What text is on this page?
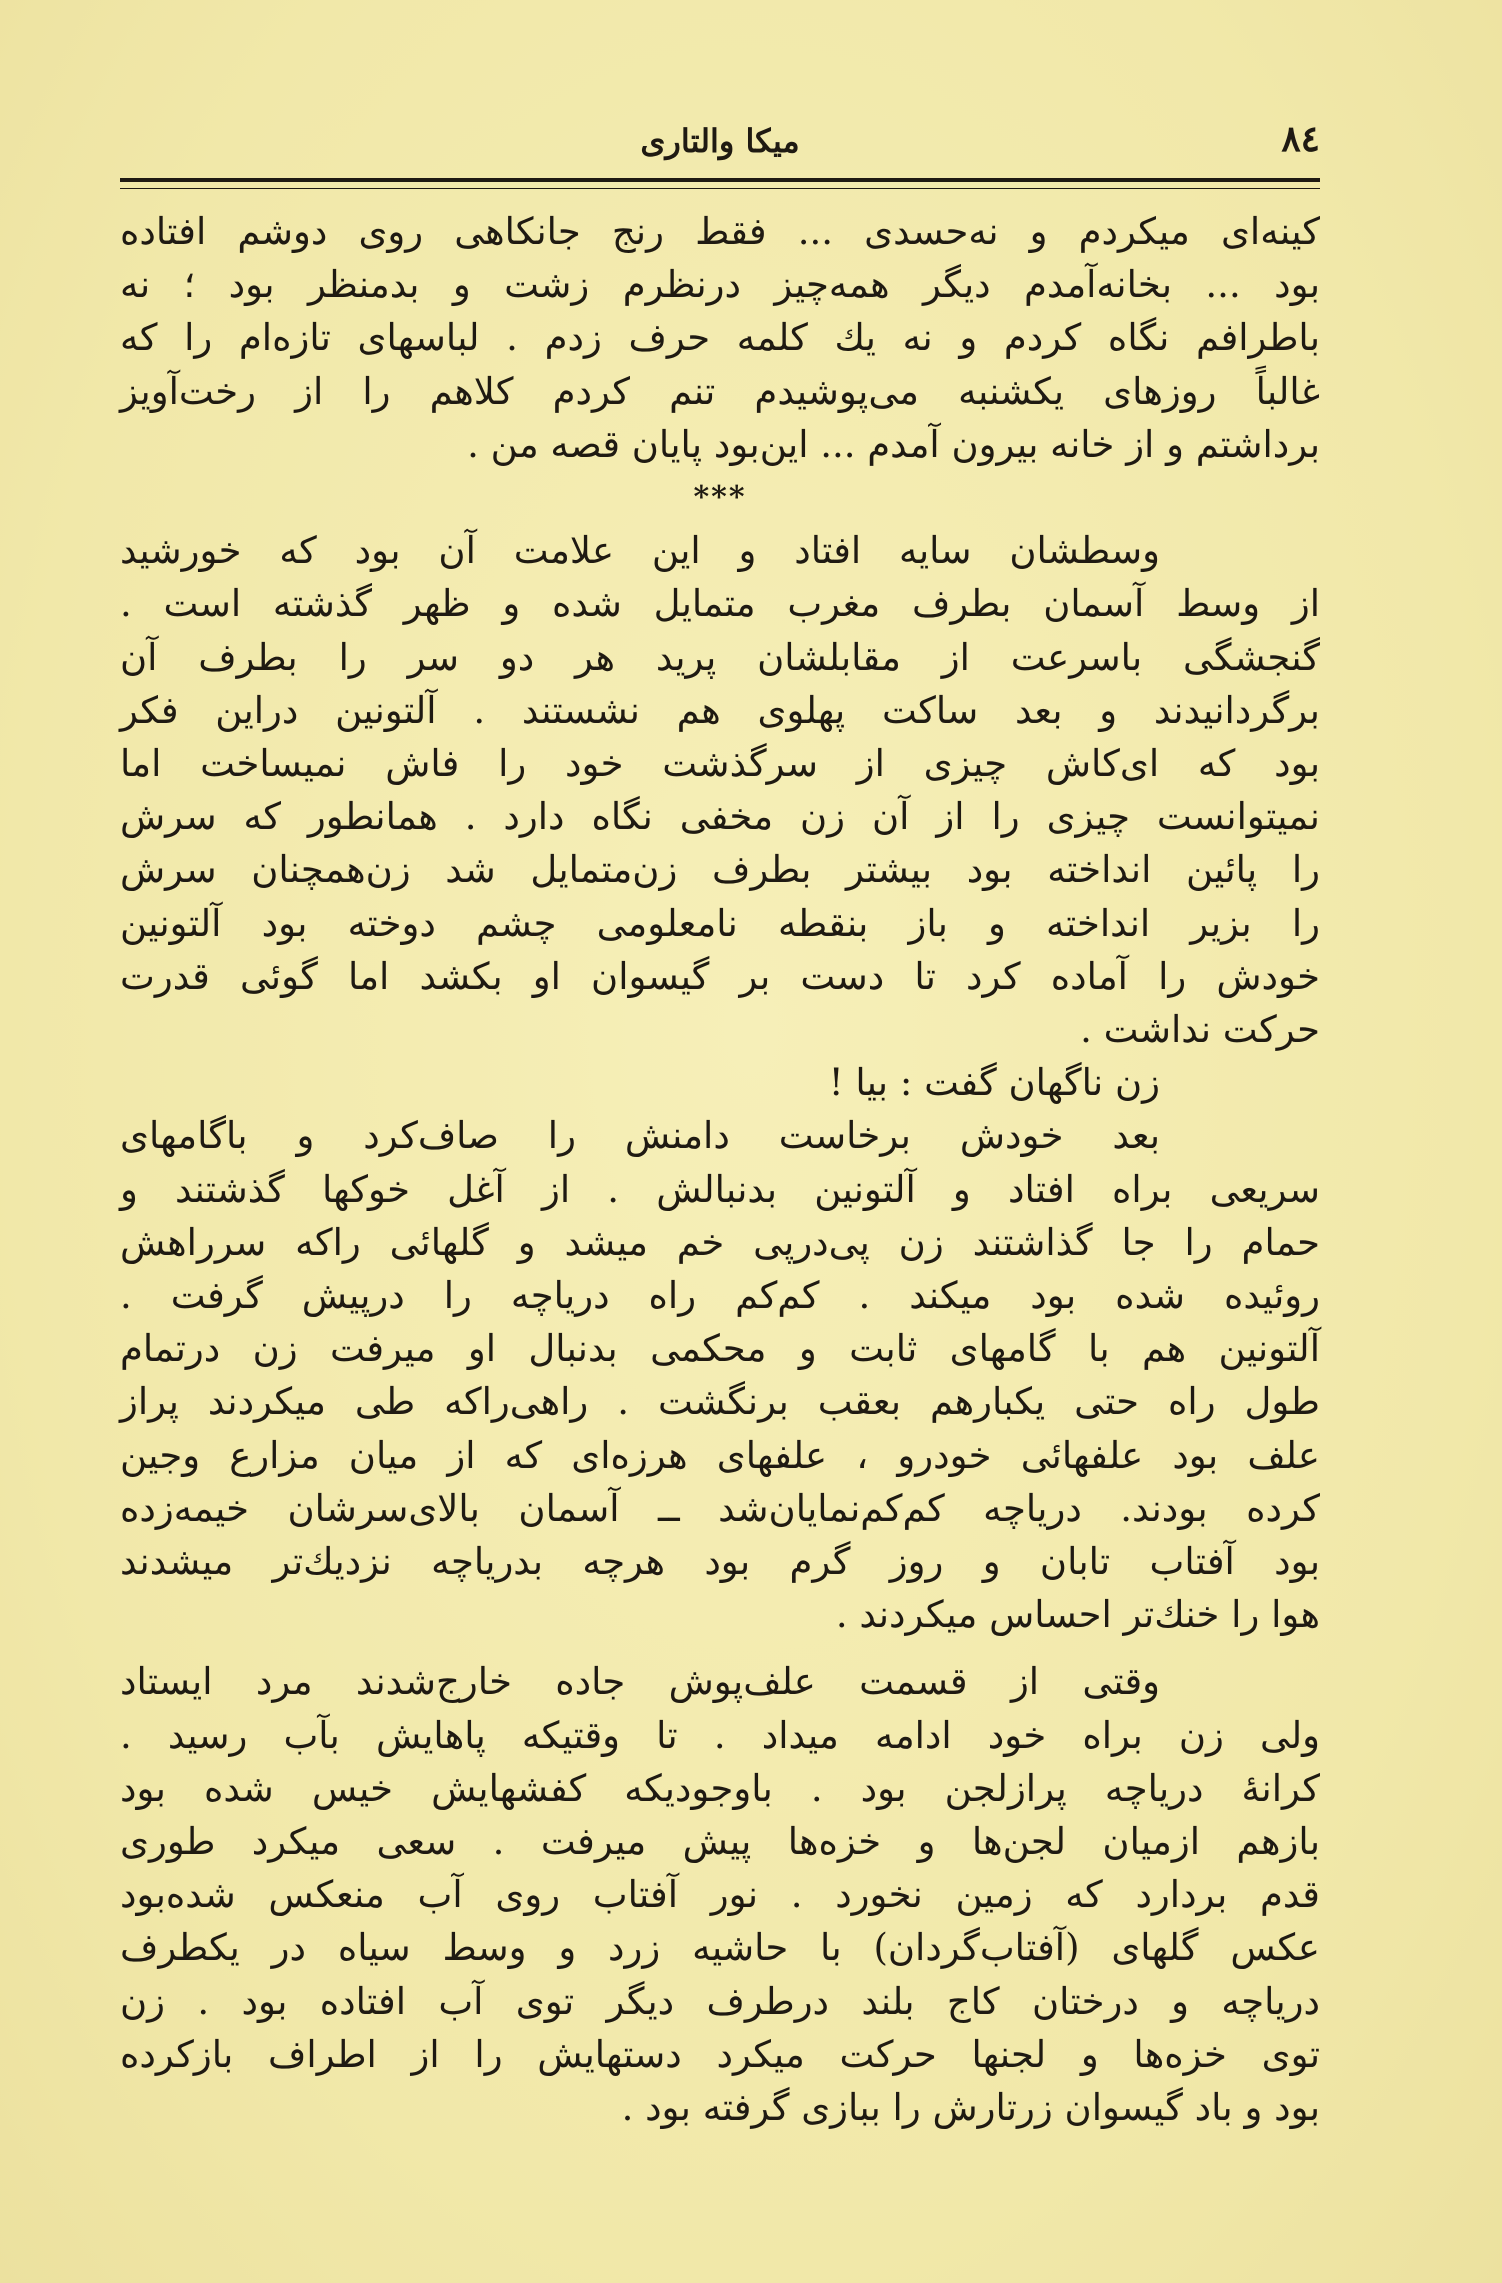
۸٤
میکا والتاری

کینه‌ای میکردم و نه‌حسدی ... فقط رنج جانکاهی روی دوشم افتاده
بود ... بخانه‌آمدم دیگر همه‌چیز درنظرم زشت و بدمنظر بود ؛ نه
باطرافم نگاه کردم و نه یك کلمه حرف زدم . لباسهای تازه‌ام را که
غالباً روزهای یکشنبه می‌پوشیدم تنم کردم کلاهم را از رخت‌آویز
برداشتم و از خانه بیرون آمدم ... این‌بود پایان قصه من .

***

وسطشان سایه افتاد و این علامت آن بود که خورشید
از وسط آسمان بطرف مغرب متمایل شده و ظهر گذشته است .
گنجشگی باسرعت از مقابلشان پرید هر دو سر را بطرف آن
برگردانیدند و بعد ساکت پهلوی هم نشستند . آلتونین دراین فکر
بود که ای‌کاش چیزی از سرگذشت خود را فاش نمیساخت اما
نمیتوانست چیزی را از آن زن مخفی نگاه دارد . همانطور که سرش
را پائین انداخته بود بیشتر بطرف زن‌متمایل شد زن‌همچنان سرش
را بزیر انداخته و باز بنقطه نامعلومی چشم دوخته بود آلتونین
خودش را آماده کرد تا دست بر گیسوان او بکشد اما گوئی قدرت
حرکت نداشت .

زن ناگهان گفت : بیا !

بعد خودش برخاست دامنش را صاف‌کرد و باگامهای
سریعی براه افتاد و آلتونین بدنبالش . از آغل خوکها گذشتند و
حمام را جا گذاشتند زن پی‌درپی خم میشد و گلهائی راکه سرراهش
روئیده شده بود میکند . کم‌کم راه دریاچه را درپیش گرفت .
آلتونین هم با گامهای ثابت و محکمی بدنبال او میرفت زن درتمام
طول راه حتی یکبارهم بعقب برنگشت . راهی‌راکه طی میکردند پراز
علف بود علفهائی خودرو ، علفهای هرزه‌ای که از میان مزارع وجین
کرده بودند. دریاچه کم‌کم‌نمایان‌شد ــ آسمان بالای‌سرشان خیمه‌زده
بود آفتاب تابان و روز گرم بود هرچه بدریاچه نزدیك‌تر میشدند
هوا را خنك‌تر احساس میکردند .

وقتی از قسمت علف‌پوش جاده خارج‌شدند مرد ایستاد
ولی زن براه خود ادامه میداد . تا وقتیکه پاهایش بآب رسید .
کرانهٔ دریاچه پرازلجن بود . باوجودیکه کفشهایش خیس شده بود
بازهم ازمیان لجن‌ها و خزه‌ها پیش میرفت . سعی میکرد طوری
قدم بردارد که زمین نخورد . نور آفتاب روی آب منعکس شده‌بود
عکس گلهای (آفتاب‌گردان) با حاشیه زرد و وسط سیاه در یکطرف
دریاچه و درختان کاج بلند درطرف دیگر توی آب افتاده بود . زن
توی خزه‌ها و لجنها حرکت میکرد دستهایش را از اطراف بازکرده
بود و باد گیسوان زرتارش را ببازی گرفته بود .
